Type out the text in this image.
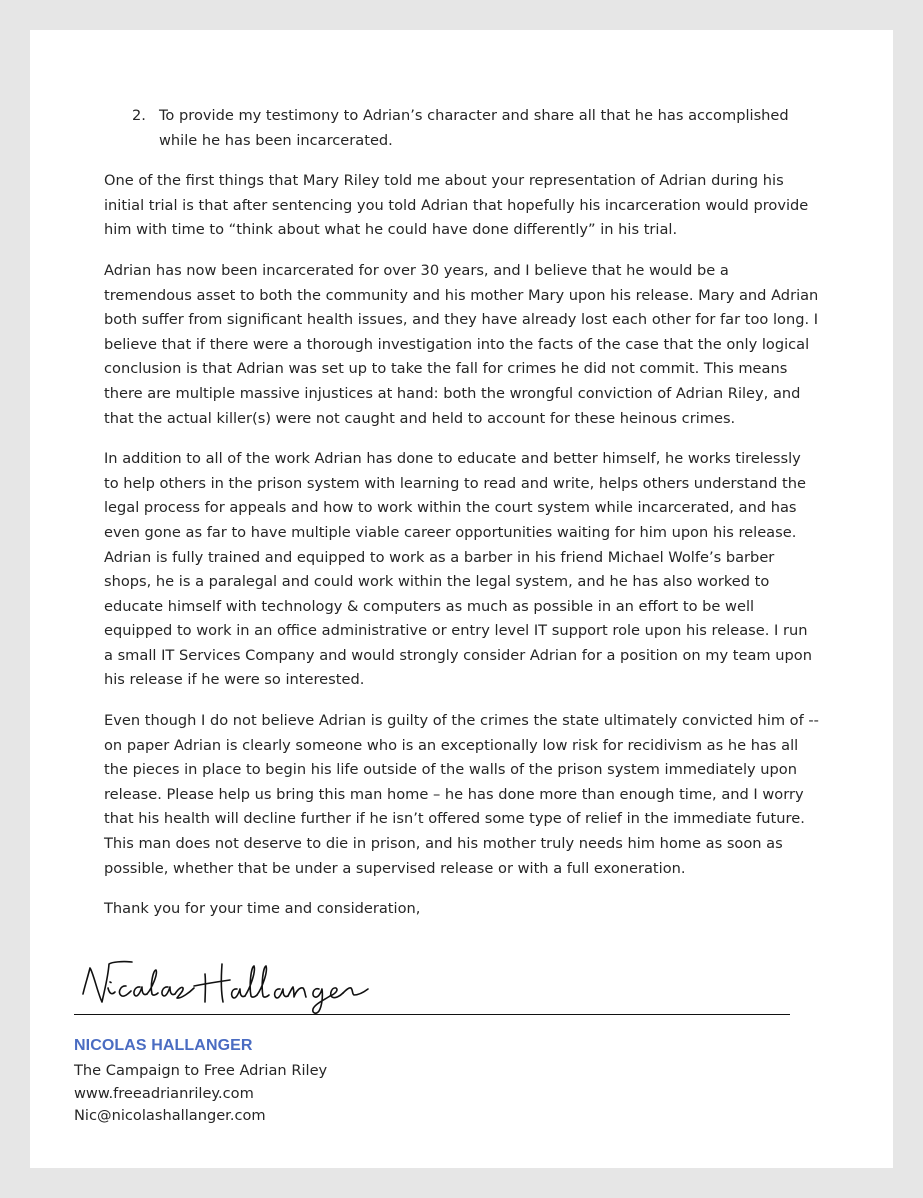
2. To provide my testimony to Adrian’s character and share all that he has accomplished while he has been incarcerated.

One of the first things that Mary Riley told me about your representation of Adrian during his initial trial is that after sentencing you told Adrian that hopefully his incarceration would provide him with time to “think about what he could have done differently” in his trial.

Adrian has now been incarcerated for over 30 years, and I believe that he would be a tremendous asset to both the community and his mother Mary upon his release. Mary and Adrian both suffer from significant health issues, and they have already lost each other for far too long. I believe that if there were a thorough investigation into the facts of the case that the only logical conclusion is that Adrian was set up to take the fall for crimes he did not commit. This means there are multiple massive injustices at hand: both the wrongful conviction of Adrian Riley, and that the actual killer(s) were not caught and held to account for these heinous crimes.

In addition to all of the work Adrian has done to educate and better himself, he works tirelessly to help others in the prison system with learning to read and write, helps others understand the legal process for appeals and how to work within the court system while incarcerated, and has even gone as far to have multiple viable career opportunities waiting for him upon his release. Adrian is fully trained and equipped to work as a barber in his friend Michael Wolfe’s barber shops, he is a paralegal and could work within the legal system, and he has also worked to educate himself with technology & computers as much as possible in an effort to be well equipped to work in an office administrative or entry level IT support role upon his release. I run a small IT Services Company and would strongly consider Adrian for a position on my team upon his release if he were so interested.

Even though I do not believe Adrian is guilty of the crimes the state ultimately convicted him of -- on paper Adrian is clearly someone who is an exceptionally low risk for recidivism as he has all the pieces in place to begin his life outside of the walls of the prison system immediately upon release. Please help us bring this man home – he has done more than enough time, and I worry that his health will decline further if he isn’t offered some type of relief in the immediate future. This man does not deserve to die in prison, and his mother truly needs him home as soon as possible, whether that be under a supervised release or with a full exoneration.

Thank you for your time and consideration,

NICOLAS HALLANGER
The Campaign to Free Adrian Riley
www.freeadrianriley.com
Nic@nicolashallanger.com
